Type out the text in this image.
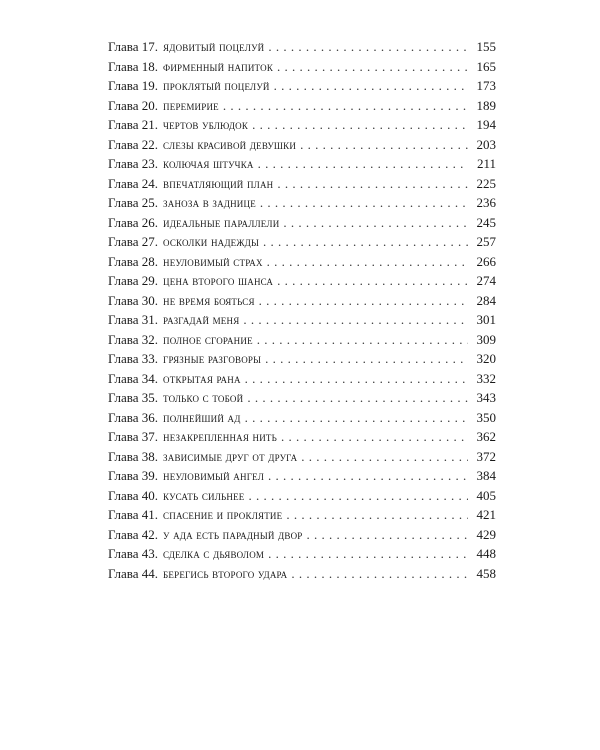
Глава 17. ядовитый поцелуй . . .	155
Глава 18. фирменный напиток . . .	165
Глава 19. проклятый поцелуй . . .	173
Глава 20. перемирие . . .	189
Глава 21. чертов ублюдок . . .	194
Глава 22. слезы красивой девушки . . .	203
Глава 23. колючая штучка . . .	211
Глава 24. впечатляющий план . . .	225
Глава 25. заноза в заднице . . .	236
Глава 26. идеальные параллели . . .	245
Глава 27. осколки надежды . . .	257
Глава 28. неуловимый страх . . .	266
Глава 29. цена второго шанса . . .	274
Глава 30. не время бояться . . .	284
Глава 31. разгадай меня . . .	301
Глава 32. полное сгорание . . .	309
Глава 33. грязные разговоры . . .	320
Глава 34. открытая рана . . .	332
Глава 35. только с тобой . . .	343
Глава 36. полнейший ад . . .	350
Глава 37. незакрепленная нить . . .	362
Глава 38. зависимые друг от друга . . .	372
Глава 39. неуловимый ангел . . .	384
Глава 40. кусать сильнее . . .	405
Глава 41. спасение и проклятие . . .	421
Глава 42. у ада есть парадный двор . . .	429
Глава 43. сделка с дьяволом . . .	448
Глава 44. берегись второго удара . . .	458
